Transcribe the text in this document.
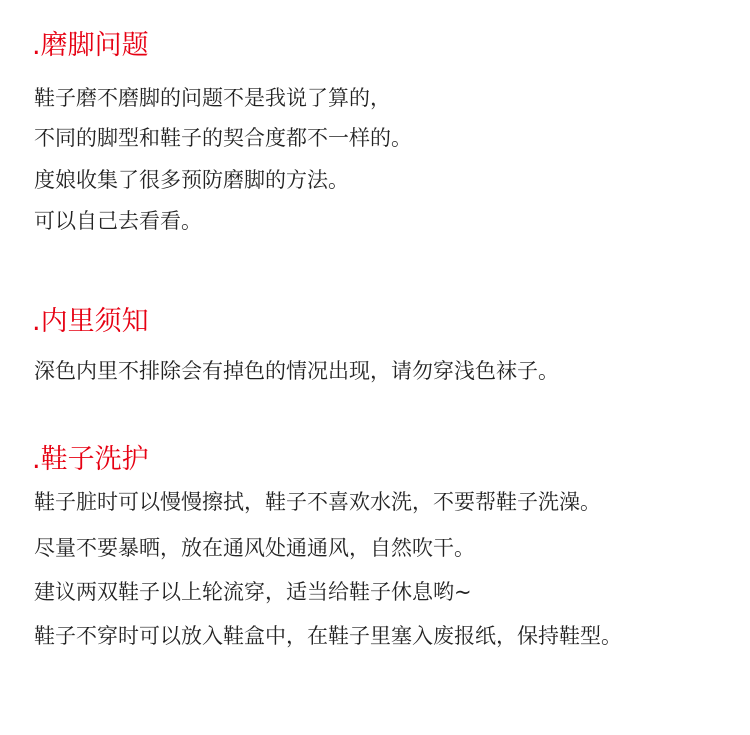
.磨脚问题

鞋子磨不磨脚的问题不是我说了算的，

不同的脚型和鞋子的契合度都不一样的。

度娘收集了很多预防磨脚的方法。

可以自己去看看。

.内里须知

深色内里不排除会有掉色的情况出现，请勿穿浅色袜子。

.鞋子洗护

鞋子脏时可以慢慢擦拭，鞋子不喜欢水洗，不要帮鞋子洗澡。

尽量不要暴晒，放在通风处通通风，自然吹干。

建议两双鞋子以上轮流穿，适当给鞋子休息哟~

鞋子不穿时可以放入鞋盒中，在鞋子里塞入废报纸，保持鞋型。
